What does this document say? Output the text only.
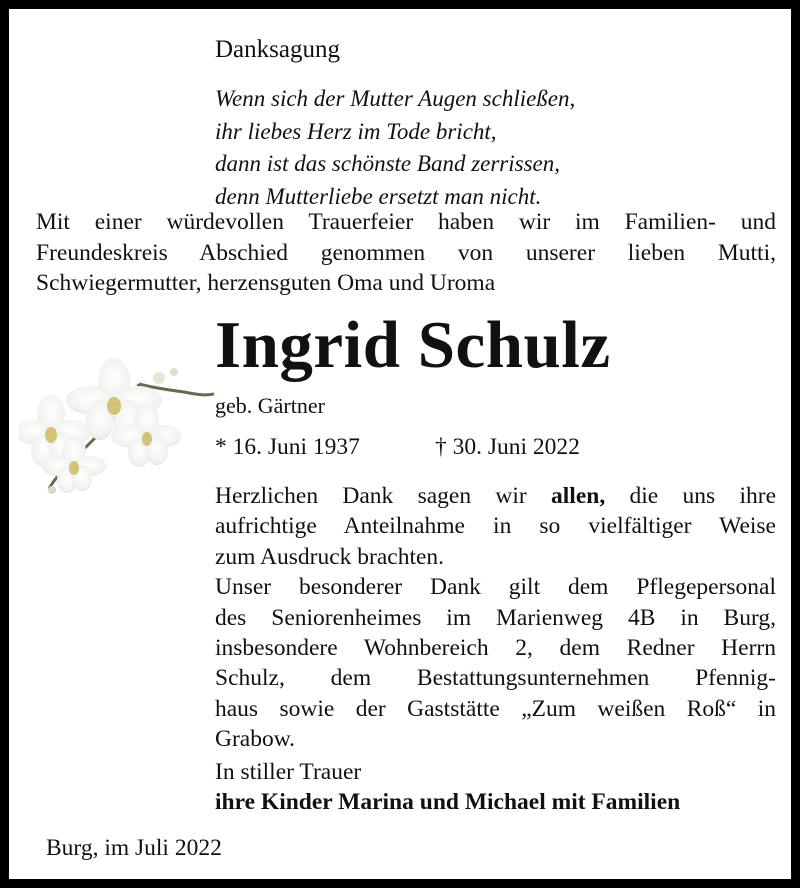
Danksagung
Wenn sich der Mutter Augen schließen,
ihr liebes Herz im Tode bricht,
dann ist das schönste Band zerrissen,
denn Mutterliebe ersetzt man nicht.
Mit einer würdevollen Trauerfeier haben wir im Familien- und
Freundeskreis Abschied genommen von unserer lieben Mutti,
Schwiegermutter, herzensguten Oma und Uroma
Ingrid Schulz
geb. Gärtner
* 16. Juni 1937	† 30. Juni 2022
Herzlichen Dank sagen wir allen, die uns ihre
aufrichtige Anteilnahme in so vielfältiger Weise
zum Ausdruck brachten.
Unser besonderer Dank gilt dem Pflegepersonal
des Seniorenheimes im Marienweg 4B in Burg,
insbesondere Wohnbereich 2, dem Redner Herrn
Schulz, dem Bestattungsunternehmen Pfennig-
haus sowie der Gaststätte „Zum weißen Roß“ in
Grabow.
In stiller Trauer
ihre Kinder Marina und Michael mit Familien
Burg, im Juli 2022
